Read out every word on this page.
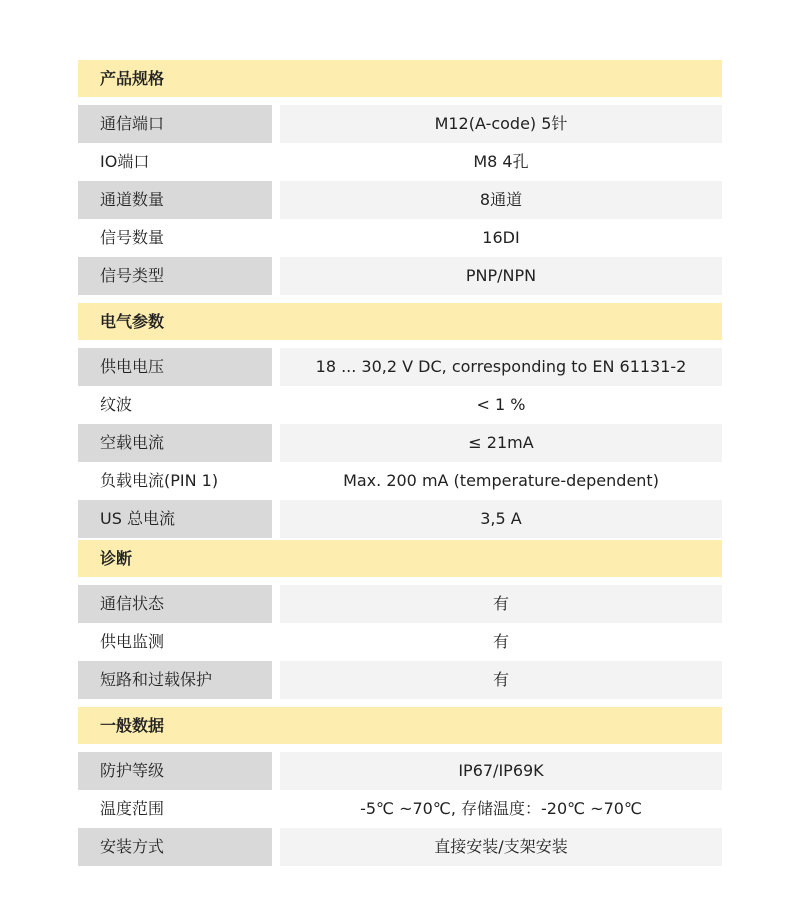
产品规格
通信端口	M12(A-code) 5针
IO端口	M8 4孔
通道数量	8通道
信号数量	16DI
信号类型	PNP/NPN
电气参数
供电电压	18 ... 30,2 V DC, corresponding to EN 61131-2
纹波	< 1 %
空载电流	≤ 21mA
负载电流(PIN 1)	Max. 200 mA (temperature-dependent)
US 总电流	3,5 A
诊断
通信状态	有
供电监测	有
短路和过载保护	有
一般数据
防护等级	IP67/IP69K
温度范围	-5℃ ~70℃, 存储温度：-20℃ ~70℃
安装方式	直接安装/支架安装
